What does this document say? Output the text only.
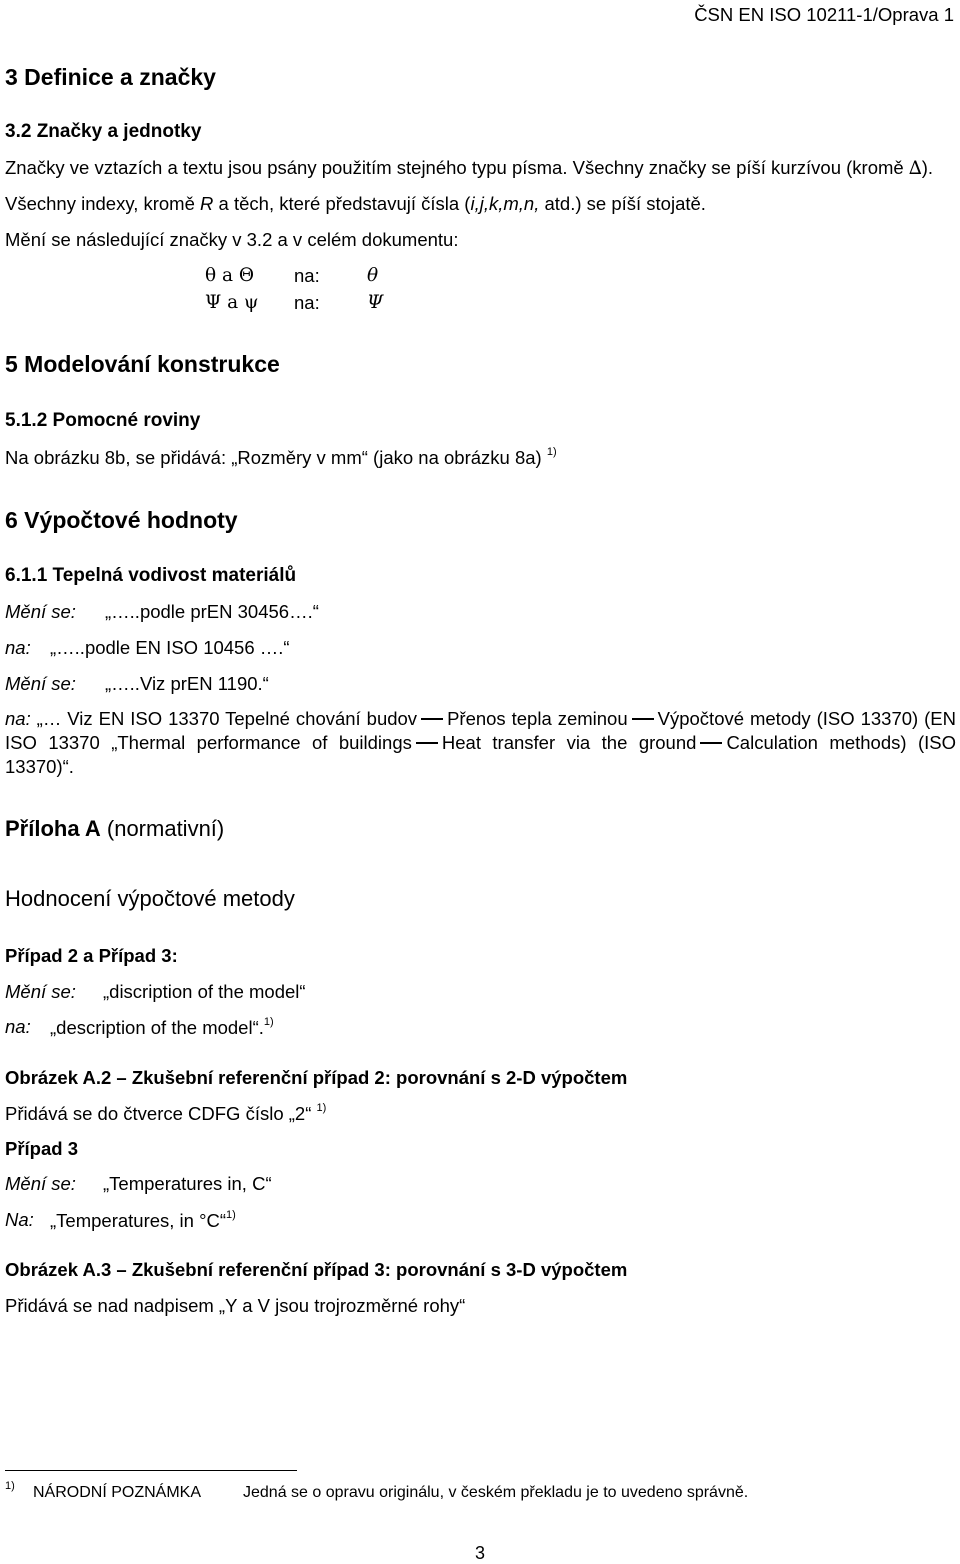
ČSN EN ISO 10211-1/Oprava 1
3 Definice a značky
3.2 Značky a jednotky
Značky ve vztazích a textu jsou psány použitím stejného typu písma. Všechny značky se píší kurzívou (kromě ∆).
Všechny indexy, kromě R a těch, které představují čísla (i,j,k,m,n, atd.) se píší stojatě.
Mění se následující značky v 3.2 a v celém dokumentu:
θ a Θ na:	θ
Ψ a ψ na:	Ψ
5 Modelování konstrukce
5.1.2 Pomocné roviny
Na obrázku 8b, se přidává: „Rozměry v mm“ (jako na obrázku 8a) $^{1)}$
6 Výpočtové hodnoty
6.1.1 Tepelná vodivost materiálů
Mění se: „…..podle prEN 30456….“
na: „…..podle EN ISO 10456 ….“
Mění se: „…..Viz prEN 1190.“
na: „… Viz EN ISO 13370 Tepelné chování budov Přenos tepla zeminou Výpočtové metody (ISO 13370) (EN ISO 13370 „Thermal performance of buildings Heat transfer via the ground Calculation methods) (ISO 13370)“.
Příloha A (normativní)
Hodnocení výpočtové metody
Případ 2 a Případ 3:
Mění se: „discription of the model“
na: „description of the model“.$^{1)}$
Obrázek A.2 – Zkušební referenční případ 2: porovnání s 2-D výpočtem
Přidává se do čtverce CDFG číslo „2“ $^{1)}$
Případ 3
Mění se: „Temperatures in, C“
Na: „Temperatures, in °C“$^{1)}$
Obrázek A.3 – Zkušební referenční případ 3: porovnání s 3-D výpočtem
Přidává se nad nadpisem „Y a V jsou trojrozměrné rohy“
1) NÁRODNÍ POZNÁMKA	Jedná se o opravu originálu, v českém překladu je to uvedeno správně.
3
